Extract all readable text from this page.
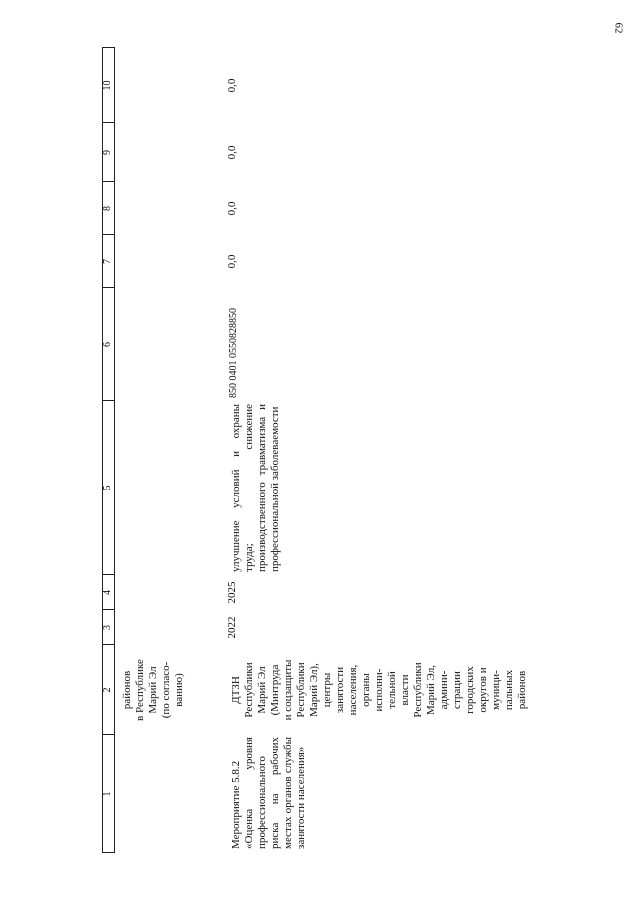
62
1
2
3
4
5
6
7
8
9
10
районов
в Республике
Марий Эл
(по согласо-
ванию)
Мероприятие 5.8.2
«Оценка уровня профессионального риска на рабочих местах органов службы занятости населения»
ДТЗН
Республики
Марий Эл
(Минтруда
и соцзащиты
Республики
Марий Эл),
центры
занятости
населения,
органы
исполни-
тельной
власти
Республики
Марий Эл,
админи-
страции
городских
округов и
муници-
пальных
районов
2022
2025
улучшение условий и охраны труда; снижение производственного травматизма и профессиональной заболеваемости
850 0401 0550828850
0,0
0,0
0,0
0,0
